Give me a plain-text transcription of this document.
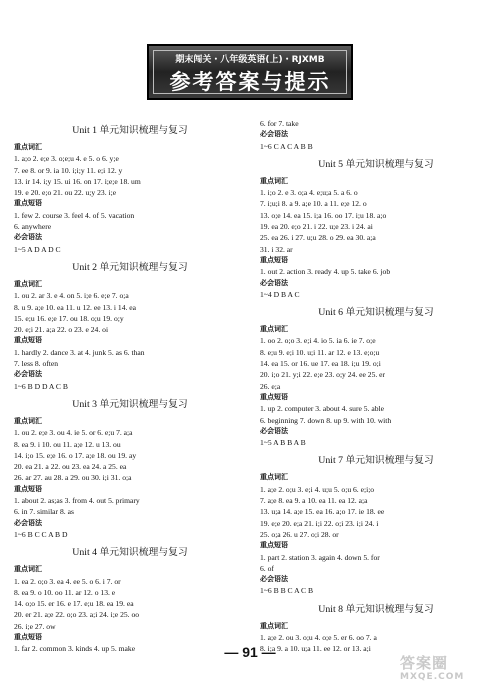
期末闯关・八年级英语(上)・RJXMB
参考答案与提示
Unit 1 单元知识梳理与复习
重点词汇
1. a;o 2. e;e 3. o;e;u 4. e 5. o 6. y;e
7. ee 8. or 9. ia 10. i;i;y 11. e;i 12. y
13. ir 14. i;y 15. ui 16. on 17. i;e;e 18. um
19. e 20. e;o 21. ou 22. u;y 23. i;e
重点短语
1. few 2. course 3. feel 4. of 5. vacation
6. anywhere
必会语法
1~5 A D A D C
Unit 2 单元知识梳理与复习
重点词汇
1. ou 2. ar 3. e 4. on 5. i;e 6. e;e 7. o;a
8. u 9. a;e 10. ea 11. u 12. ee 13. i 14. ea
15. e;u 16. e;e 17. ou 18. o;u 19. o;y
20. e;i 21. a;a 22. o 23. e 24. oi
重点短语
1. hardly 2. dance 3. at 4. junk 5. as 6. than
7. less 8. often
必会语法
1~6 B D D A C B
Unit 3 单元知识梳理与复习
重点词汇
1. ou 2. e;e 3. ou 4. ie 5. or 6. e;u 7. a;a
8. ea 9. i 10. ou 11. a;e 12. u 13. ou
14. i;o 15. e;e 16. o 17. a;e 18. ou 19. ay
20. ea 21. a 22. ou 23. ea 24. a 25. ea
26. ar 27. au 28. a 29. ou 30. i;i 31. o;a
重点短语
1. about 2. as;as 3. from 4. out 5. primary
6. in 7. similar 8. as
必会语法
1~6 B C C A B D
Unit 4 单元知识梳理与复习
重点词汇
1. ea 2. o;o 3. ea 4. ee 5. o 6. i 7. or
8. ea 9. o 10. oo 11. ar 12. o 13. e
14. o;o 15. er 16. e 17. e;u 18. ea 19. ea
20. er 21. a;e 22. o;o 23. a;i 24. i;e 25. oo
26. i;e 27. ow
重点短语
1. far 2. common 3. kinds 4. up 5. make
6. for 7. take
必会语法
1~6 C A C A B B
Unit 5 单元知识梳理与复习
重点词汇
1. i;o 2. e 3. o;a 4. e;u;a 5. a 6. o
7. i;u;i 8. a 9. a;e 10. a 11. e;e 12. o
13. o;e 14. ea 15. i;a 16. oo 17. i;u 18. a;o
19. ea 20. e;o 21. i 22. u;e 23. i 24. ai
25. ea 26. i 27. u;u 28. o 29. ea 30. a;a
31. i 32. ar
重点短语
1. out 2. action 3. ready 4. up 5. take 6. job
必会语法
1~4 D B A C
Unit 6 单元知识梳理与复习
重点词汇
1. oo 2. o;o 3. e;i 4. io 5. ia 6. ie 7. o;e
8. e;u 9. e;i 10. u;i 11. ar 12. e 13. e;o;u
14. ea 15. or 16. ue 17. ea 18. i;u 19. o;i
20. i;o 21. y;i 22. e;e 23. o;y 24. ee 25. er
26. e;a
重点短语
1. up 2. computer 3. about 4. sure 5. able
6. beginning 7. down 8. up 9. with 10. with
必会语法
1~5 A B B A B
Unit 7 单元知识梳理与复习
重点词汇
1. a;e 2. o;u 3. e;i 4. u;u 5. o;u 6. e;i;o
7. a;e 8. ea 9. a 10. ea 11. ea 12. a;a
13. u;a 14. a;e 15. ea 16. a;o 17. ie 18. ee
19. e;e 20. e;a 21. i;i 22. o;i 23. i;i 24. i
25. o;a 26. u 27. o;i 28. or
重点短语
1. part 2. station 3. again 4. down 5. for
6. of
必会语法
1~6 B B C A C B
Unit 8 单元知识梳理与复习
重点词汇
1. a;e 2. ou 3. o;u 4. o;e 5. er 6. oo 7. a
8. i;a 9. a 10. u;a 11. ee 12. or 13. a;i
— 91 —
答案圈
MXQE.COM
